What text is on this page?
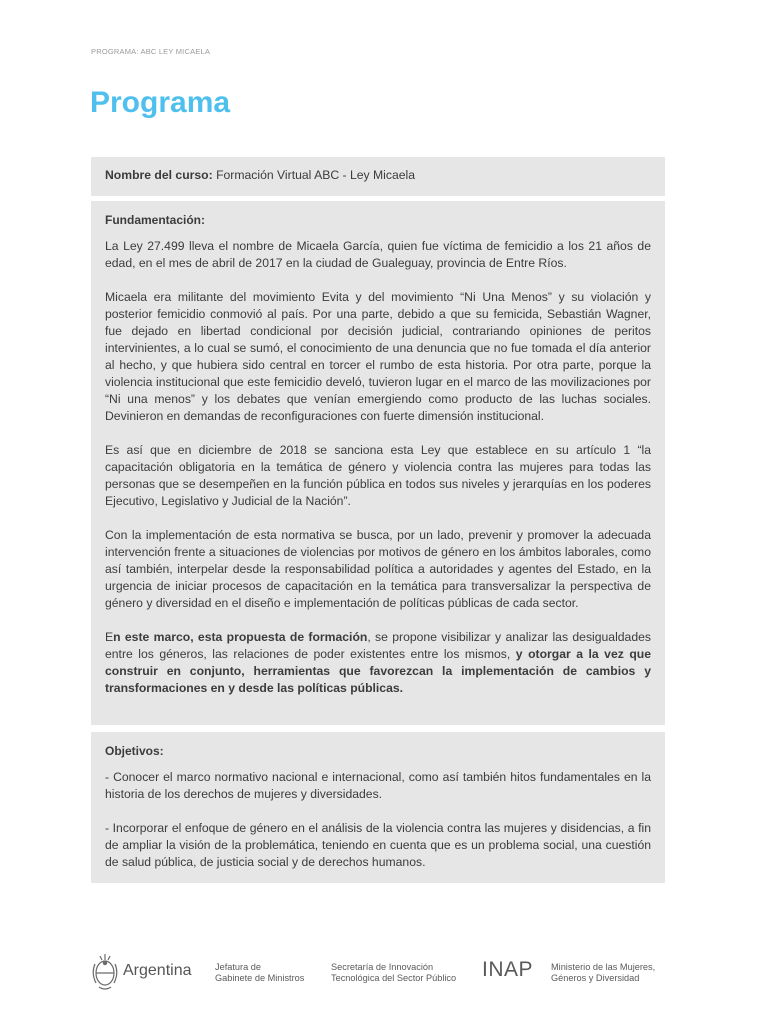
PROGRAMA: ABC LEY MICAELA
Programa
Nombre del curso: Formación Virtual ABC - Ley Micaela
Fundamentación:

La Ley 27.499 lleva el nombre de Micaela García, quien fue víctima de femicidio a los 21 años de edad, en el mes de abril de 2017 en la ciudad de Gualeguay, provincia de Entre Ríos.

Micaela era militante del movimiento Evita y del movimiento “Ni Una Menos” y su violación y posterior femicidio conmovió al país. Por una parte, debido a que su femicida, Sebastián Wagner, fue dejado en libertad condicional por decisión judicial, contrariando opiniones de peritos intervinientes, a lo cual se sumó, el conocimiento de una denuncia que no fue tomada el día anterior al hecho, y que hubiera sido central en torcer el rumbo de esta historia. Por otra parte, porque la violencia institucional que este femicidio develó, tuvieron lugar en el marco de las movilizaciones por “Ni una menos” y los debates que venían emergiendo como producto de las luchas sociales. Devinieron en demandas de reconfiguraciones con fuerte dimensión institucional.

Es así que en diciembre de 2018 se sanciona esta Ley que establece en su artículo 1 “la capacitación obligatoria en la temática de género y violencia contra las mujeres para todas las personas que se desempeñen en la función pública en todos sus niveles y jerarquías en los poderes Ejecutivo, Legislativo y Judicial de la Nación”.

Con la implementación de esta normativa se busca, por un lado, prevenir y promover la adecuada intervención frente a situaciones de violencias por motivos de género en los ámbitos laborales, como así también, interpelar desde la responsabilidad política a autoridades y agentes del Estado, en la urgencia de iniciar procesos de capacitación en la temática para transversalizar la perspectiva de género y diversidad en el diseño e implementación de políticas públicas de cada sector.

En este marco, esta propuesta de formación, se propone visibilizar y analizar las desigualdades entre los géneros, las relaciones de poder existentes entre los mismos, y otorgar a la vez que construir en conjunto, herramientas que favorezcan la implementación de cambios y transformaciones en y desde las políticas públicas.

Objetivos:

- Conocer el marco normativo nacional e internacional, como así también hitos fundamentales en la historia de los derechos de mujeres y diversidades.

- Incorporar el enfoque de género en el análisis de la violencia contra las mujeres y disidencias, a fin de ampliar la visión de la problemática, teniendo en cuenta que es un problema social, una cuestión de salud pública, de justicia social y de derechos humanos.

Argentina	Jefatura de
Gabinete de Ministros
Secretaría de Innovación
Tecnológica del Sector Público INAP Ministerio de las Mujeres,
Géneros y Diversidad
